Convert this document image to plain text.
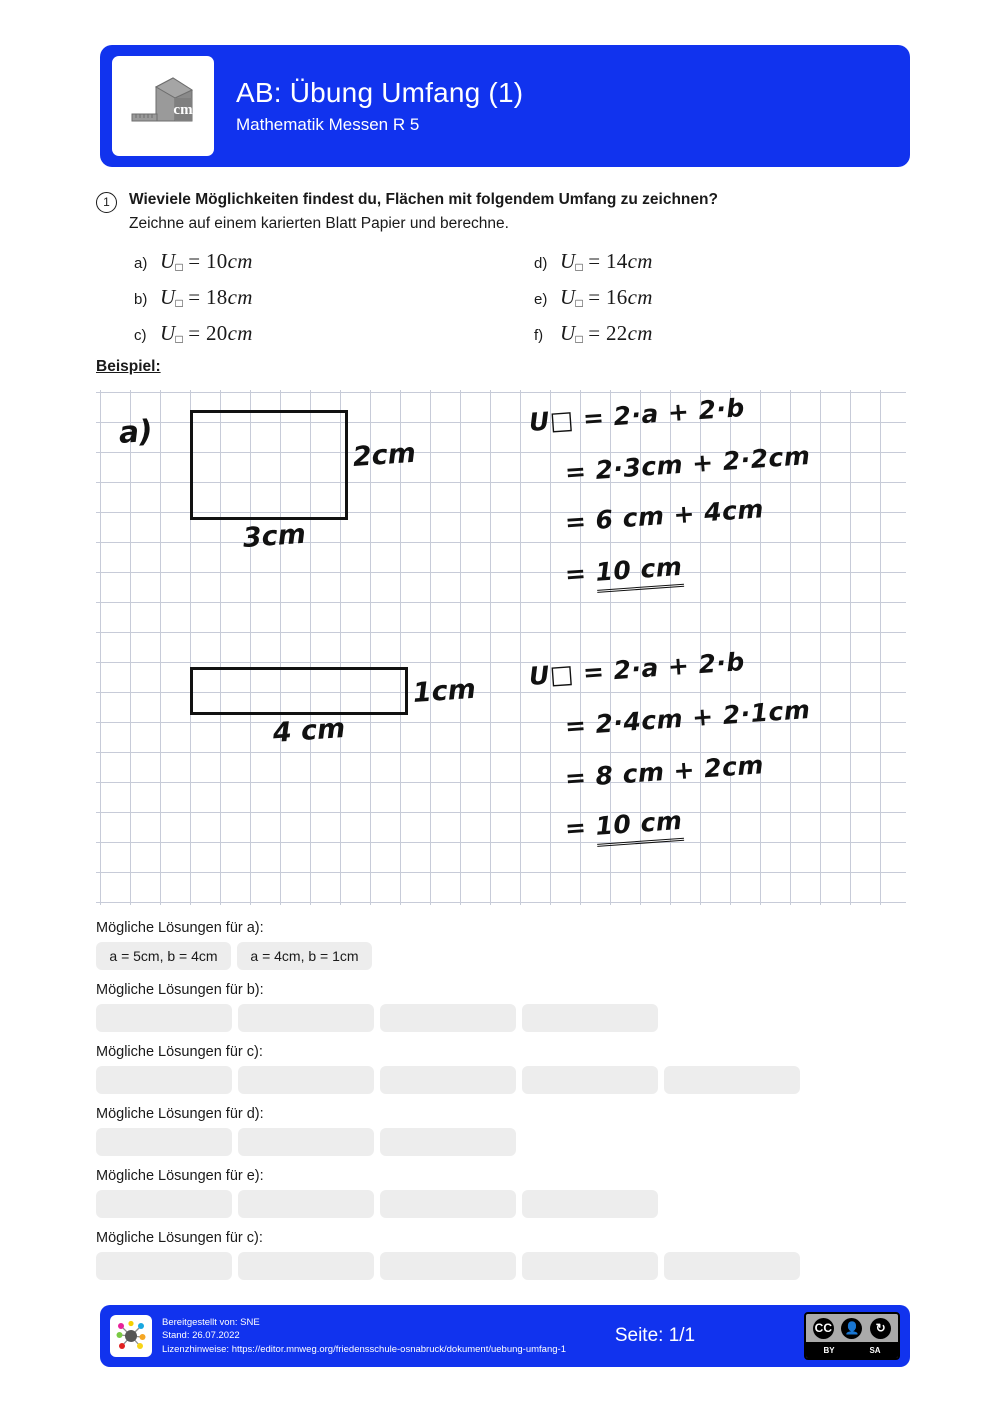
cm
AB: Übung Umfang (1)
Mathematik Messen R 5
1	Wieviele Möglichkeiten findest du, Flächen mit folgendem Umfang zu zeichnen?
Zeichne auf einem karierten Blatt Papier und berechne.
a) U□ = 10cm	d) U□ = 14cm
b) U□ = 18cm	e) U□ = 16cm
c) U□ = 20cm	f) U□ = 22cm
Beispiel:
a)
2cm
3cm
U□ = 2·a + 2·b
= 2·3cm + 2·2cm
= 6 cm + 4cm
= 10 cm
1cm
4 cm
U□ = 2·a + 2·b
= 2·4cm + 2·1cm
= 8 cm + 2cm
= 10 cm
Mögliche Lösungen für a):
a = 5cm, b = 4cm	a = 4cm, b = 1cm
Mögliche Lösungen für b):
Mögliche Lösungen für c):
Mögliche Lösungen für d):
Mögliche Lösungen für e):
Mögliche Lösungen für c):
Bereitgestellt von: SNE
Stand: 26.07.2022
Lizenzhinweise: https://editor.mnweg.org/friedensschule-osnabruck/dokument/uebung-umfang-1
Seite: 1/1	CC 👤	↻
BY	SA
